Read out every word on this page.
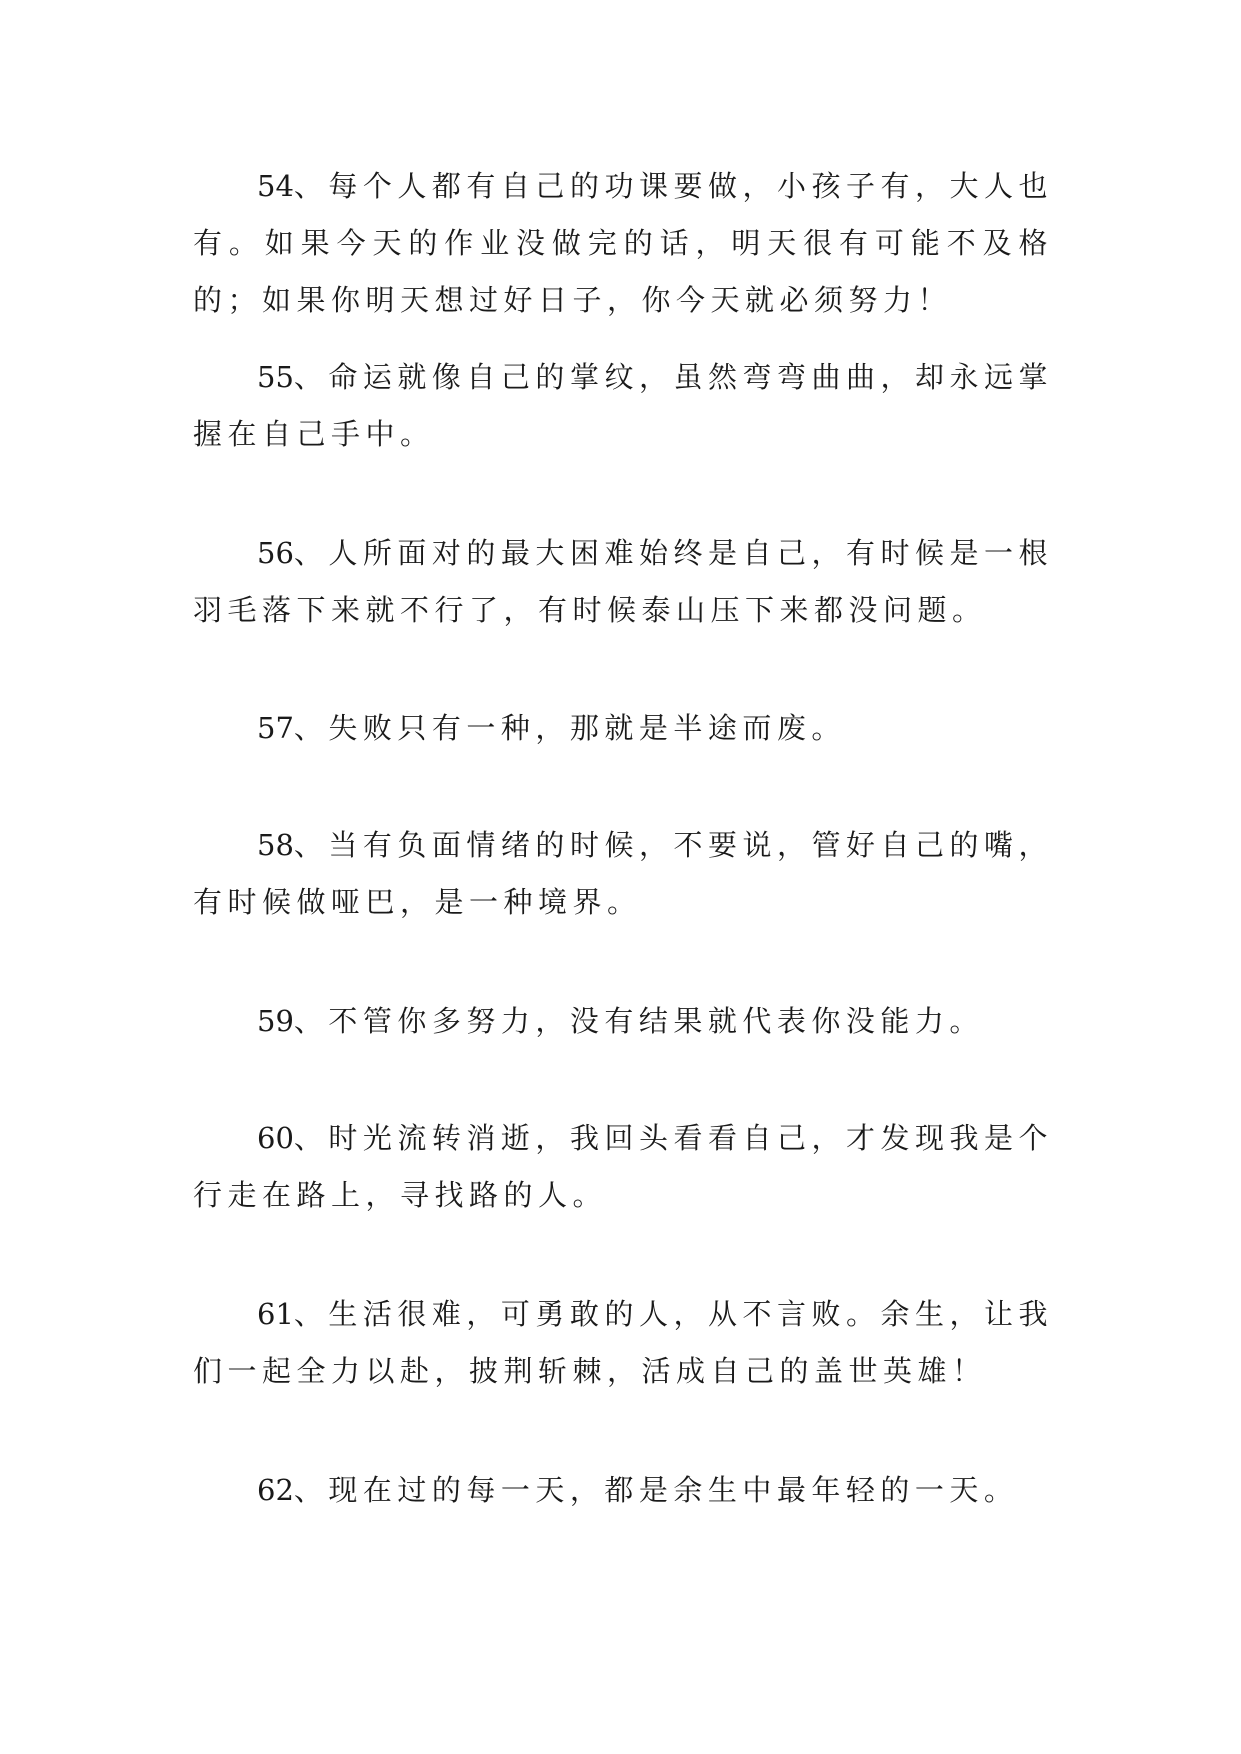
54、每个人都有自己的功课要做，小孩子有，大人也有。如果今天的作业没做完的话，明天很有可能不及格的；如果你明天想过好日子，你今天就必须努力！

55、命运就像自己的掌纹，虽然弯弯曲曲，却永远掌握在自己手中。

56、人所面对的最大困难始终是自己，有时候是一根羽毛落下来就不行了，有时候泰山压下来都没问题。

57、失败只有一种，那就是半途而废。

58、当有负面情绪的时候，不要说，管好自己的嘴，有时候做哑巴，是一种境界。

59、不管你多努力，没有结果就代表你没能力。

60、时光流转消逝，我回头看看自己，才发现我是个行走在路上，寻找路的人。

61、生活很难，可勇敢的人，从不言败。余生，让我们一起全力以赴，披荆斩棘，活成自己的盖世英雄！

62、现在过的每一天，都是余生中最年轻的一天。
